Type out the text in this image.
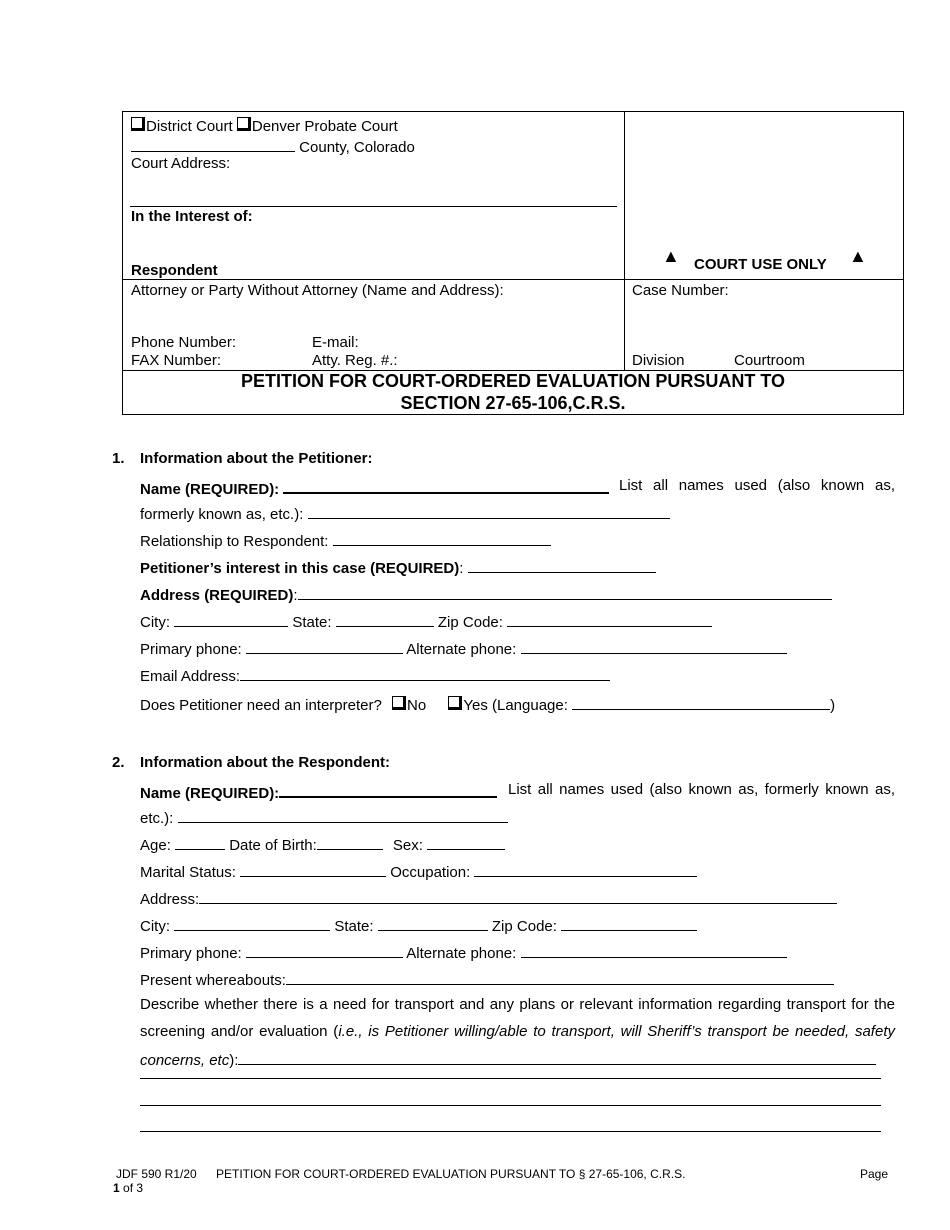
District Court Denver Probate Court
County, Colorado
Court Address:
In the Interest of:
Respondent
▲ COURT USE ONLY ▲
Attorney or Party Without Attorney (Name and Address):
Phone Number:	E-mail:
FAX Number:	Atty. Reg. #.:
Case Number:
Division	Courtroom
PETITION FOR COURT-ORDERED EVALUATION PURSUANT TO
SECTION 27-65-106,C.R.S.
1. Information about the Petitioner:
Name (REQUIRED):	List all names used (also known as,
formerly known as, etc.):
Relationship to Respondent:
Petitioner’s interest in this case (REQUIRED):
Address (REQUIRED):
City:	State:	Zip Code:
Primary phone:	Alternate phone:
Email Address:
Does Petitioner need an interpreter? No Yes (Language:	)
2. Information about the Respondent:
Name (REQUIRED):	List all names used (also known as, formerly known as,
etc.):
Age:	Date of Birth:	Sex:
Marital Status:	Occupation:
Address:
City:	State:	Zip Code:
Primary phone:	Alternate phone:
Present whereabouts:
Describe whether there is a need for transport and any plans or relevant information regarding transport for the
screening and/or evaluation (i.e., is Petitioner willing/able to transport, will Sheriff’s transport be needed, safety
concerns, etc):
JDF 590 R1/20 PETITION FOR COURT-ORDERED EVALUATION PURSUANT TO § 27-65-106, C.R.S.	Page
1 of 3
